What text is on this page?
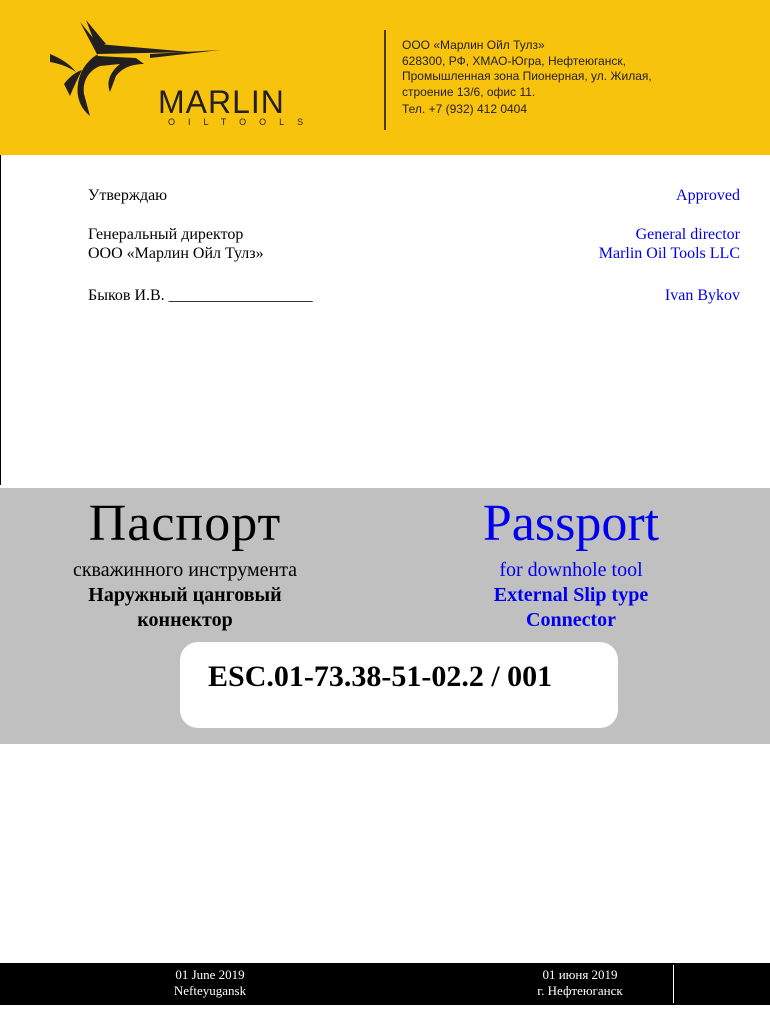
MARLIN
OILTOOLS
ООО «Марлин Ойл Тулз»
628300, РФ, ХМАО-Югра, Нефтеюганск,
Промышленная зона Пионерная, ул. Жилая,
строение 13/6, офис 11.
Тел. +7 (932) 412 0404
Утверждаю
Генеральный директор
ООО «Марлин Ойл Тулз»
Быков И.В. __________________
Approved
General director
Marlin Oil Tools LLC
Ivan Bykov
Паспорт	Passport
скважинного инструмента
Наружный цанговый
коннектор
for downhole tool
External Slip type
Connector
ESC.01-73.38-51-02.2 / 001
01 June 2019
Nefteyugansk
01 июня 2019
г. Нефтеюганск
